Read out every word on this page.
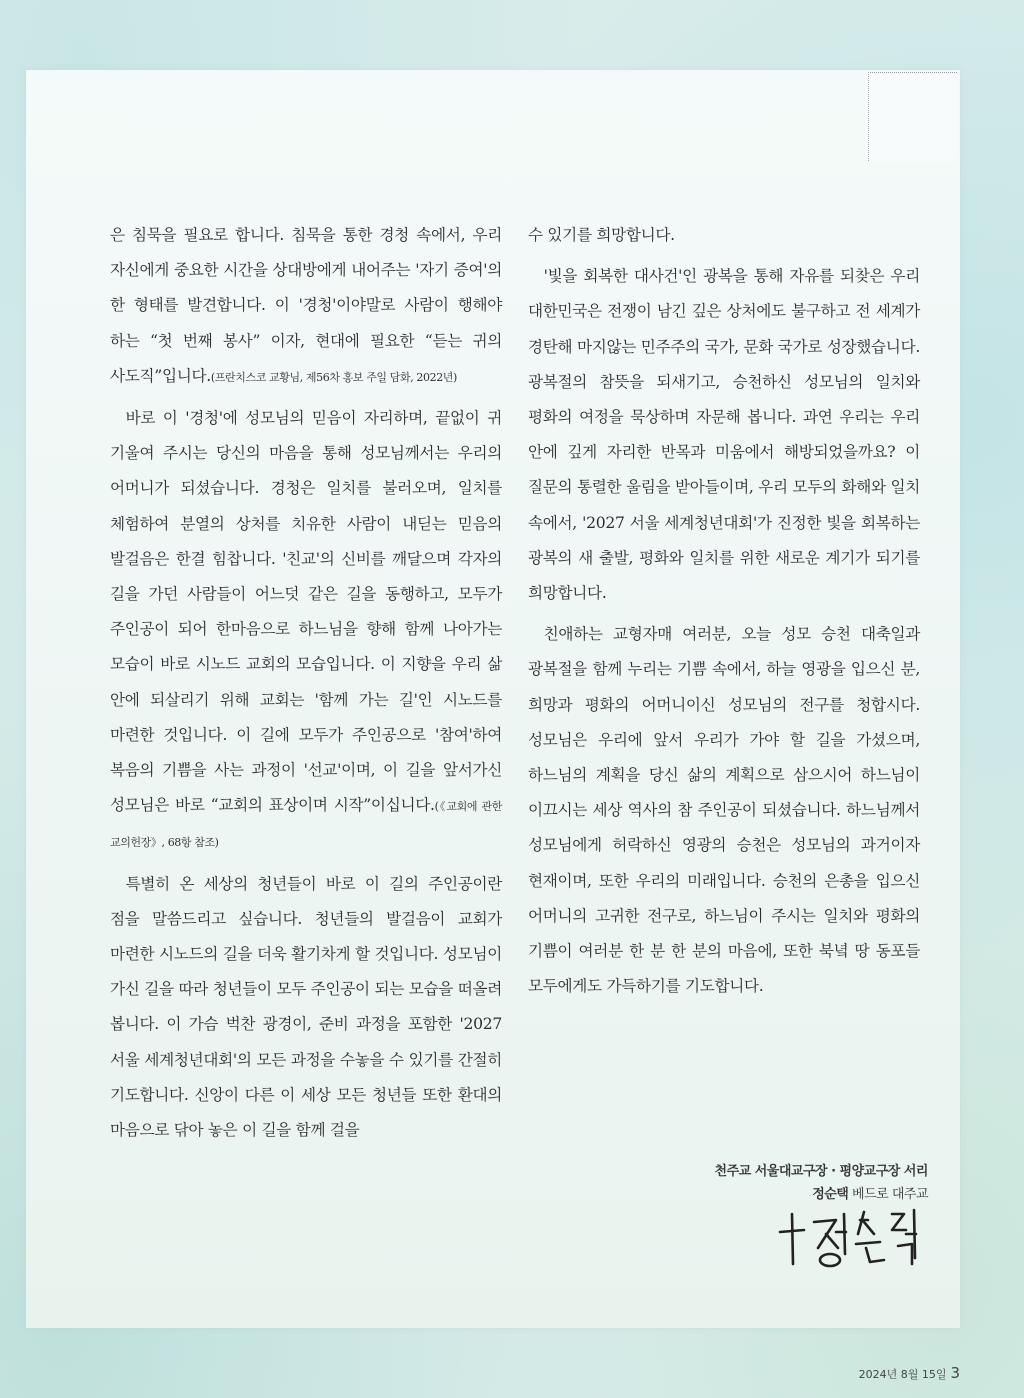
은 침묵을 필요로 합니다. 침묵을 통한 경청 속에서, 우리 자신에게 중요한 시간을 상대방에게 내어주는 '자기 증여'의 한 형태를 발견합니다. 이 '경청'이야말로 사람이 행해야 하는 “첫 번째 봉사” 이자, 현대에 필요한 “듣는 귀의 사도직”입니다.(프란치스코 교황님, 제56차 홍보 주일 담화, 2022년)

바로 이 '경청'에 성모님의 믿음이 자리하며, 끝없이 귀 기울여 주시는 당신의 마음을 통해 성모님께서는 우리의 어머니가 되셨습니다. 경청은 일치를 불러오며, 일치를 체험하여 분열의 상처를 치유한 사람이 내딛는 믿음의 발걸음은 한결 힘찹니다. '친교'의 신비를 깨달으며 각자의 길을 가던 사람들이 어느덧 같은 길을 동행하고, 모두가 주인공이 되어 한마음으로 하느님을 향해 함께 나아가는 모습이 바로 시노드 교회의 모습입니다. 이 지향을 우리 삶 안에 되살리기 위해 교회는 '함께 가는 길'인 시노드를 마련한 것입니다. 이 길에 모두가 주인공으로 '참여'하여 복음의 기쁨을 사는 과정이 '선교'이며, 이 길을 앞서가신 성모님은 바로 “교회의 표상이며 시작”이십니다.(《교회에 관한 교의헌장》, 68항 참조)

특별히 온 세상의 청년들이 바로 이 길의 주인공이란 점을 말씀드리고 싶습니다. 청년들의 발걸음이 교회가 마련한 시노드의 길을 더욱 활기차게 할 것입니다. 성모님이 가신 길을 따라 청년들이 모두 주인공이 되는 모습을 떠올려 봅니다. 이 가슴 벅찬 광경이, 준비 과정을 포함한 '2027 서울 세계청년대회'의 모든 과정을 수놓을 수 있기를 간절히 기도합니다. 신앙이 다른 이 세상 모든 청년들 또한 환대의 마음으로 닦아 놓은 이 길을 함께 걸을

수 있기를 희망합니다.

'빛을 회복한 대사건'인 광복을 통해 자유를 되찾은 우리 대한민국은 전쟁이 남긴 깊은 상처에도 불구하고 전 세계가 경탄해 마지않는 민주주의 국가, 문화 국가로 성장했습니다. 광복절의 참뜻을 되새기고, 승천하신 성모님의 일치와 평화의 여정을 묵상하며 자문해 봅니다. 과연 우리는 우리 안에 깊게 자리한 반목과 미움에서 해방되었을까요? 이 질문의 통렬한 울림을 받아들이며, 우리 모두의 화해와 일치 속에서, '2027 서울 세계청년대회'가 진정한 빛을 회복하는 광복의 새 출발, 평화와 일치를 위한 새로운 계기가 되기를 희망합니다.

친애하는 교형자매 여러분, 오늘 성모 승천 대축일과 광복절을 함께 누리는 기쁨 속에서, 하늘 영광을 입으신 분, 희망과 평화의 어머니이신 성모님의 전구를 청합시다. 성모님은 우리에 앞서 우리가 가야 할 길을 가셨으며, 하느님의 계획을 당신 삶의 계획으로 삼으시어 하느님이 이끄시는 세상 역사의 참 주인공이 되셨습니다. 하느님께서 성모님에게 허락하신 영광의 승천은 성모님의 과거이자 현재이며, 또한 우리의 미래입니다. 승천의 은총을 입으신 어머니의 고귀한 전구로, 하느님이 주시는 일치와 평화의 기쁨이 여러분 한 분 한 분의 마음에, 또한 북녘 땅 동포들 모두에게도 가득하기를 기도합니다.

천주교 서울대교구장 · 평양교구장 서리
정순택 베드로 대주교
2024년 8월 15일 3
